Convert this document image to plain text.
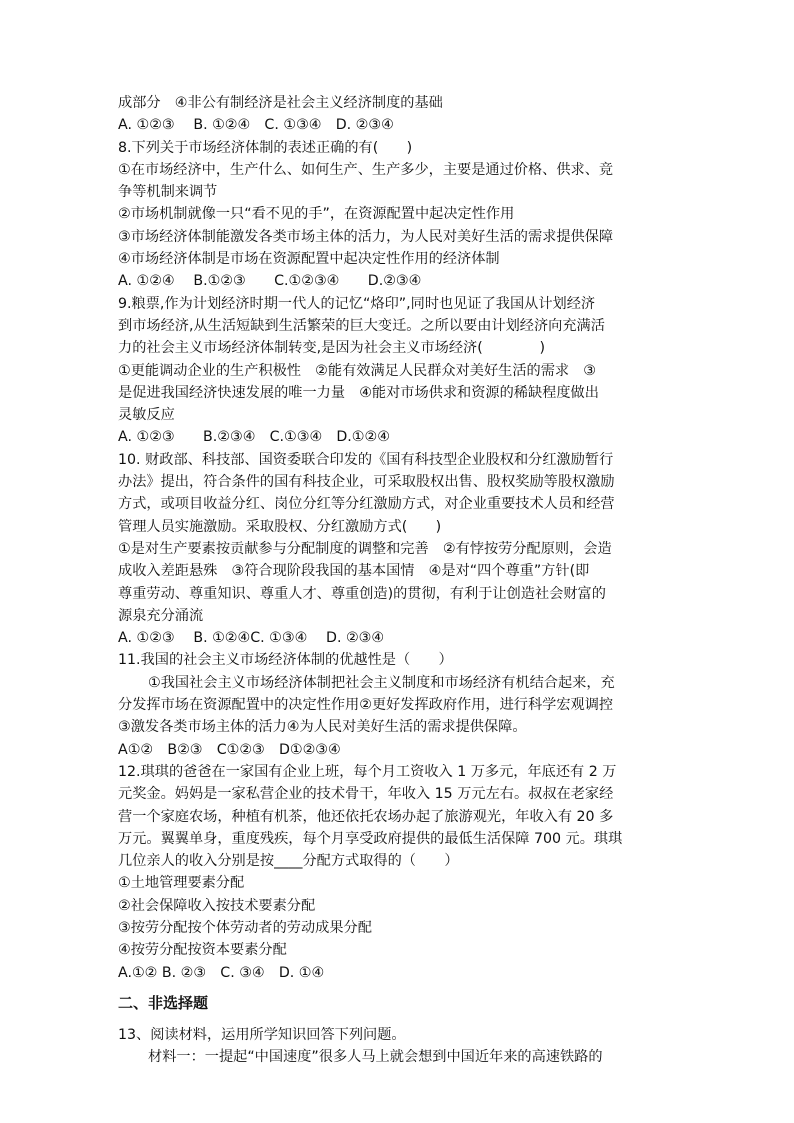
成部分　④非公有制经济是社会主义经济制度的基础
A. ①②③　 B. ①②④　C. ①③④　D. ②③④
8.下列关于市场经济体制的表述正确的有(　　)
①在市场经济中，生产什么、如何生产、生产多少，主要是通过价格、供求、竞
争等机制来调节
②市场机制就像一只“看不见的手”，在资源配置中起决定性作用
③市场经济体制能激发各类市场主体的活力，为人民对美好生活的需求提供保障
④市场经济体制是市场在资源配置中起决定性作用的经济体制
A. ①②④　 B.①②③　　C.①②③④　　D.②③④
9.粮票,作为计划经济时期一代人的记忆“烙印”,同时也见证了我国从计划经济
到市场经济,从生活短缺到生活繁荣的巨大变迁。之所以要由计划经济向充满活
力的社会主义市场经济体制转变,是因为社会主义市场经济(　　　　)
①更能调动企业的生产积极性　②能有效满足人民群众对美好生活的需求　③
是促进我国经济快速发展的唯一力量　④能对市场供求和资源的稀缺程度做出
灵敏反应
A. ①②③　　B.②③④　C.①③④　D.①②④
10. 财政部、科技部、国资委联合印发的《国有科技型企业股权和分红激励暂行
办法》提出，符合条件的国有科技企业，可采取股权出售、股权奖励等股权激励
方式，或项目收益分红、岗位分红等分红激励方式，对企业重要技术人员和经营
管理人员实施激励。采取股权、分红激励方式(　　)
①是对生产要素按贡献参与分配制度的调整和完善　②有悖按劳分配原则，会造
成收入差距悬殊　③符合现阶段我国的基本国情　④是对“四个尊重”方针(即
尊重劳动、尊重知识、尊重人才、尊重创造)的贯彻，有利于让创造社会财富的
源泉充分涌流
A. ①②③　 B. ①②④C. ①③④　 D. ②③④
11.我国的社会主义市场经济体制的优越性是（　　）
①我国社会主义市场经济体制把社会主义制度和市场经济有机结合起来，充
分发挥市场在资源配置中的决定性作用②更好发挥政府作用，进行科学宏观调控
③激发各类市场主体的活力④为人民对美好生活的需求提供保障。
A①②　B②③　C①②③　D①②③④
12.琪琪的爸爸在一家国有企业上班，每个月工资收入 1 万多元，年底还有 2 万
元奖金。妈妈是一家私营企业的技术骨干，年收入 15 万元左右。叔叔在老家经
营一个家庭农场，种植有机茶，他还依托农场办起了旅游观光，年收入有 20 多
万元。翼翼单身，重度残疾，每个月享受政府提供的最低生活保障 700 元。琪琪
几位亲人的收入分别是按____分配方式取得的（　　）
①土地管理要素分配
②社会保障收入按技术要素分配
③按劳分配按个体劳动者的劳动成果分配
④按劳分配按资本要素分配
A.①② B. ②③　C. ③④　D. ①④
二、非选择题
13、阅读材料，运用所学知识回答下列问题。
材料一：一提起“中国速度”很多人马上就会想到中国近年来的高速铁路的
